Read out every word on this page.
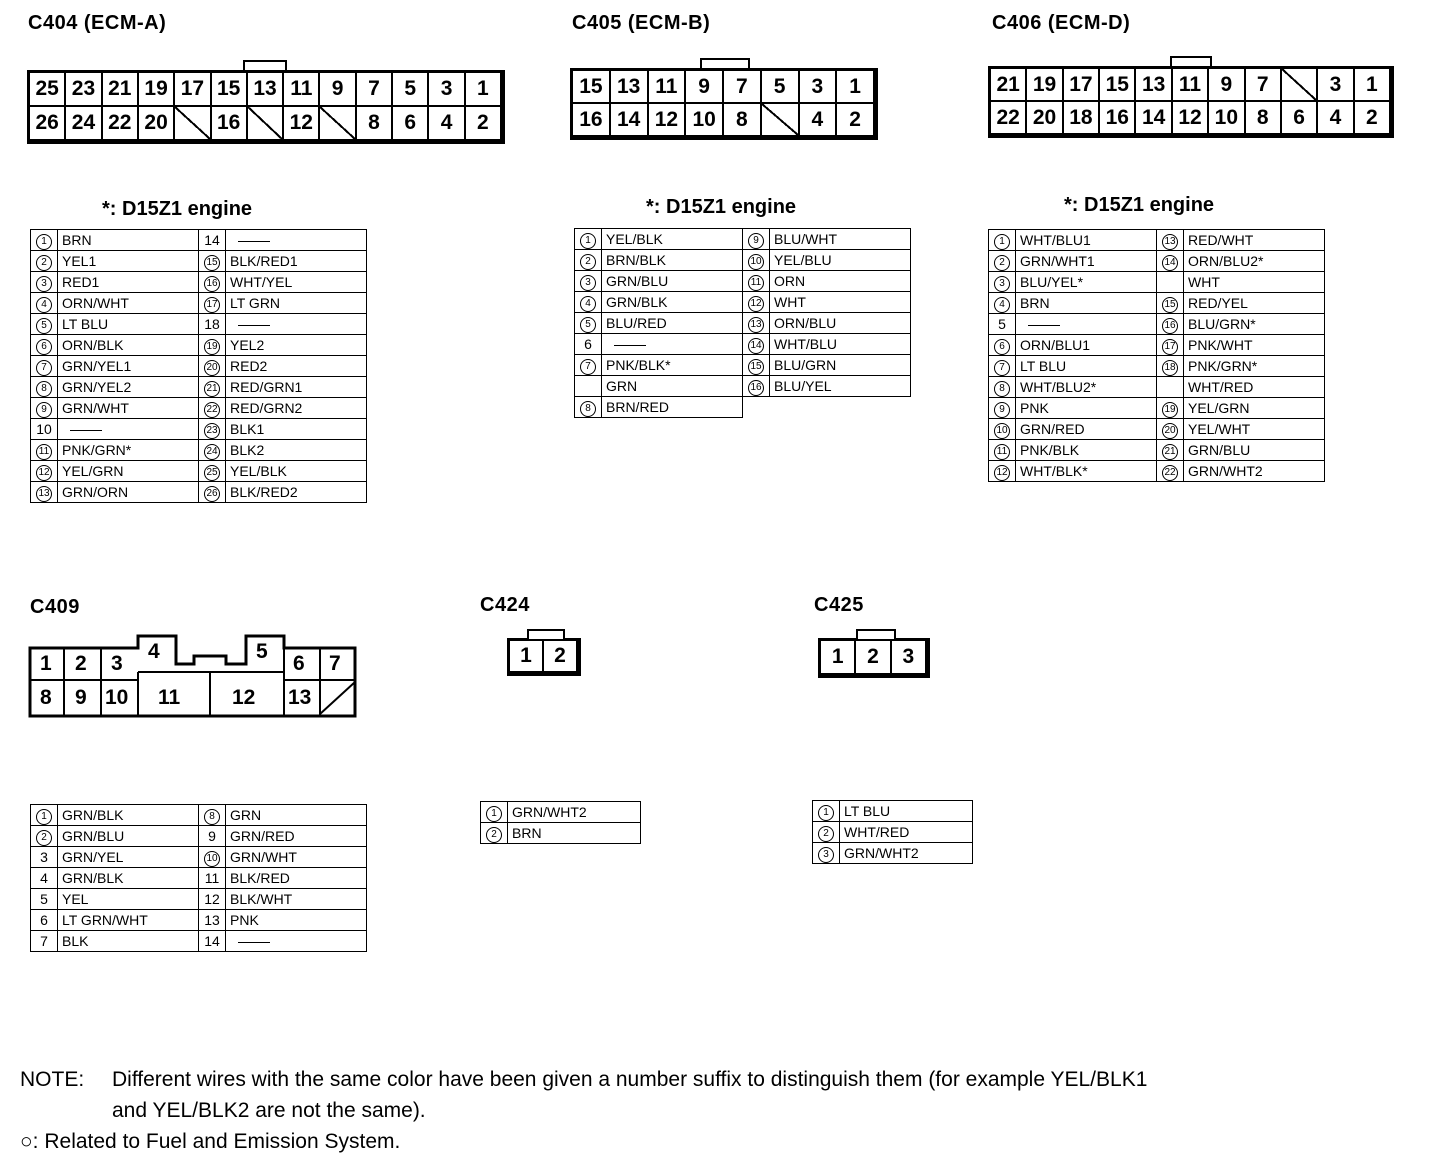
C404 (ECM-A)
25 23 21 19 17 15 13 11 9	7	5	3	1
26 24 22 20	16	12	8	6	4	2
*: D15Z1 engine
1	BRN	14	
2	YEL1	15	BLK/RED1
3	RED1	16	WHT/YEL
4	ORN/WHT	17	LT GRN
5	LT BLU	18	
6	ORN/BLK	19	YEL2
7	GRN/YEL1	20	RED2
8	GRN/YEL2	21	RED/GRN1
9	GRN/WHT	22	RED/GRN2
10		23	BLK1
11	PNK/GRN*	24	BLK2
12	YEL/GRN	25	YEL/BLK
13	GRN/ORN	26	BLK/RED2
C405 (ECM-B)
15 13 11 9	7	5	3	1
16 14 12 10 8	4	2
*: D15Z1 engine
1	YEL/BLK	9	BLU/WHT
2	BRN/BLK	10	YEL/BLU
3	GRN/BLU	11	ORN
4	GRN/BLK	12	WHT
5	BLU/RED	13	ORN/BLU
6		14	WHT/BLU
7	PNK/BLK*	15	BLU/GRN
	GRN	16	BLU/YEL
8	BRN/RED		
C406 (ECM-D)
21 19 17 15 13 11 9	7	3	1
22 20 18 16 14 12 10 8	6	4	2
*: D15Z1 engine
1	WHT/BLU1	13	RED/WHT
2	GRN/WHT1	14	ORN/BLU2*
3	BLU/YEL*		WHT
4	BRN	15	RED/YEL
5		16	BLU/GRN*
6	ORN/BLU1	17	PNK/WHT
7	LT BLU	18	PNK/GRN*
8	WHT/BLU2*		WHT/RED
9	PNK	19	YEL/GRN
10	GRN/RED	20	YEL/WHT
11	PNK/BLK	21	GRN/BLU
12	WHT/BLK*	22	GRN/WHT2
C409
1 2 3
4	5
6 7
8 9 10 11 12 13
1	GRN/BLK	8	GRN
2	GRN/BLU	9	GRN/RED
3	GRN/YEL	10	GRN/WHT
4	GRN/BLK	11	BLK/RED
5	YEL	12	BLK/WHT
6	LT GRN/WHT	13	PNK
7	BLK	14	
C424
1	2
1	GRN/WHT2
2	BRN
C425
1	2	3
1	LT BLU
2	WHT/RED
3	GRN/WHT2
NOTE: Different wires with the same color have been given a number suffix to distinguish them (for example YEL/BLK1
and YEL/BLK2 are not the same).
○: Related to Fuel and Emission System.
